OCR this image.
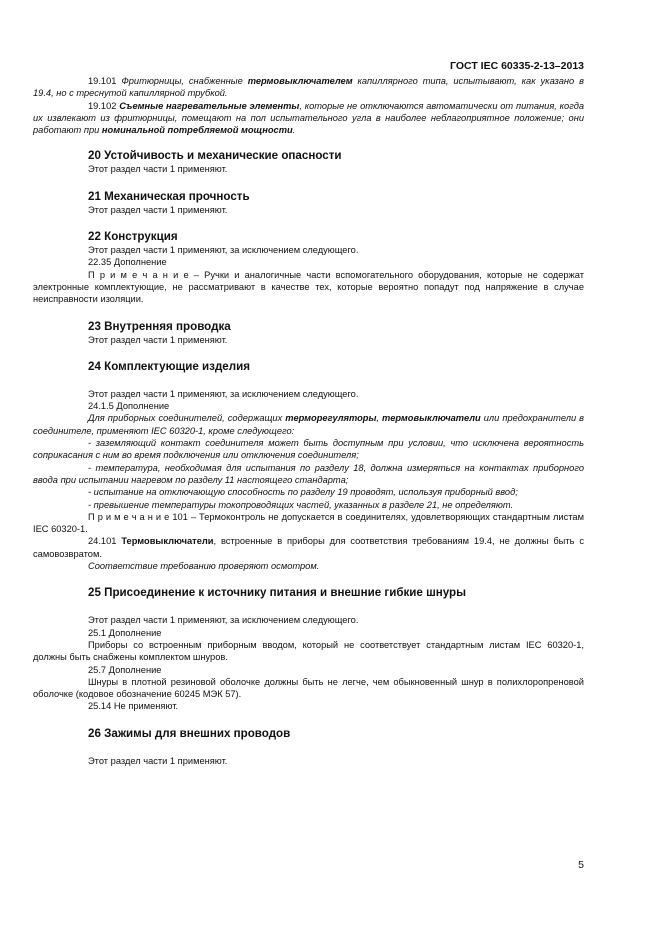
ГОСТ IEC 60335-2-13–2013

19.101 Фритюрницы, снабженные термовыключателем капиллярного типа, испытывают, как указано в 19.4, но с треснутой капиллярной трубкой.

19.102 Съемные нагревательные элементы, которые не отключаются автоматически от питания, когда их извлекают из фритюрницы, помещают на пол испытательного угла в наиболее неблагоприятное положение; они работают при номинальной потребляемой мощности.

20 Устойчивость и механические опасности

Этот раздел части 1 применяют.

21 Механическая прочность

Этот раздел части 1 применяют.

22 Конструкция

Этот раздел части 1 применяют, за исключением следующего.

22.35 Дополнение

П р и м е ч а н и е – Ручки и аналогичные части вспомогательного оборудования, которые не содержат электронные комплектующие, не рассматривают в качестве тех, которые вероятно попадут под напряжение в случае неисправности изоляции.

23 Внутренняя проводка

Этот раздел части 1 применяют.

24 Комплектующие изделия

Этот раздел части 1 применяют, за исключением следующего.

24.1.5 Дополнение

Для приборных соединителей, содержащих терморегуляторы, термовыключатели или предохранители в соединителе, применяют IEC 60320-1, кроме следующего:

- заземляющий контакт соединителя может быть доступным при условии, что исключена вероятность соприкасания с ним во время подключения или отключения соединителя;

- температура, необходимая для испытания по разделу 18, должна измеряться на контактах приборного ввода при испытании нагревом по разделу 11 настоящего стандарта;

- испытание на отключающую способность по разделу 19 проводят, используя приборный ввод;

- превышение температуры токопроводящих частей, указанных в разделе 21, не определяют.

П р и м е ч а н и е 101 – Термоконтроль не допускается в соединителях, удовлетворяющих стандартным листам IEC 60320-1.

24.101 Термовыключатели, встроенные в приборы для соответствия требованиям 19.4, не должны быть с самовозвратом.

Соответствие требованию проверяют осмотром.

25 Присоединение к источнику питания и внешние гибкие шнуры

Этот раздел части 1 применяют, за исключением следующего.

25.1 Дополнение

Приборы со встроенным приборным вводом, который не соответствует стандартным листам IEC 60320-1, должны быть снабжены комплектом шнуров.

25.7 Дополнение

Шнуры в плотной резиновой оболочке должны быть не легче, чем обыкновенный шнур в полихлоропреновой оболочке (кодовое обозначение 60245 МЭК 57).

25.14 Не применяют.

26 Зажимы для внешних проводов

Этот раздел части 1 применяют.

5
